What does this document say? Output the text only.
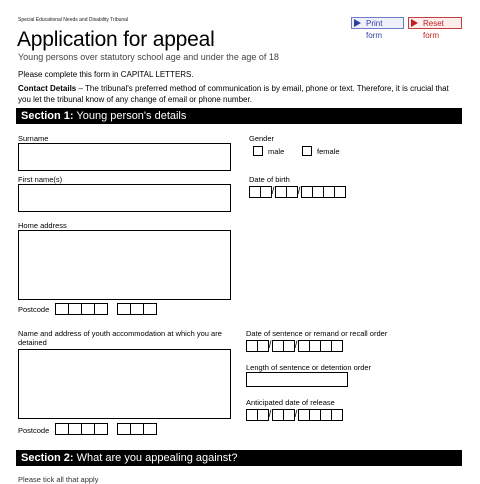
Special Educational Needs and Disability Tribunal	Print form
Reset form
Application for appeal
Young persons over statutory school age and under the age of 18
Please complete this form in CAPITAL LETTERS.
Contact Details – The tribunal's preferred method of communication is by email, phone or text. Therefore, it is crucial that you let the tribunal know of any change of email or phone number.
Section 1: Young person's details
Surname	Gender
male	female
First name(s)	Date of birth
/ /
Home address
Postcode
Name and address of youth accommodation at which you are detained
Date of sentence or remand or recall order
/ /
Length of sentence or detention order
Anticipated date of release
/ /
Postcode
Section 2: What are you appealing against?
Please tick all that apply
